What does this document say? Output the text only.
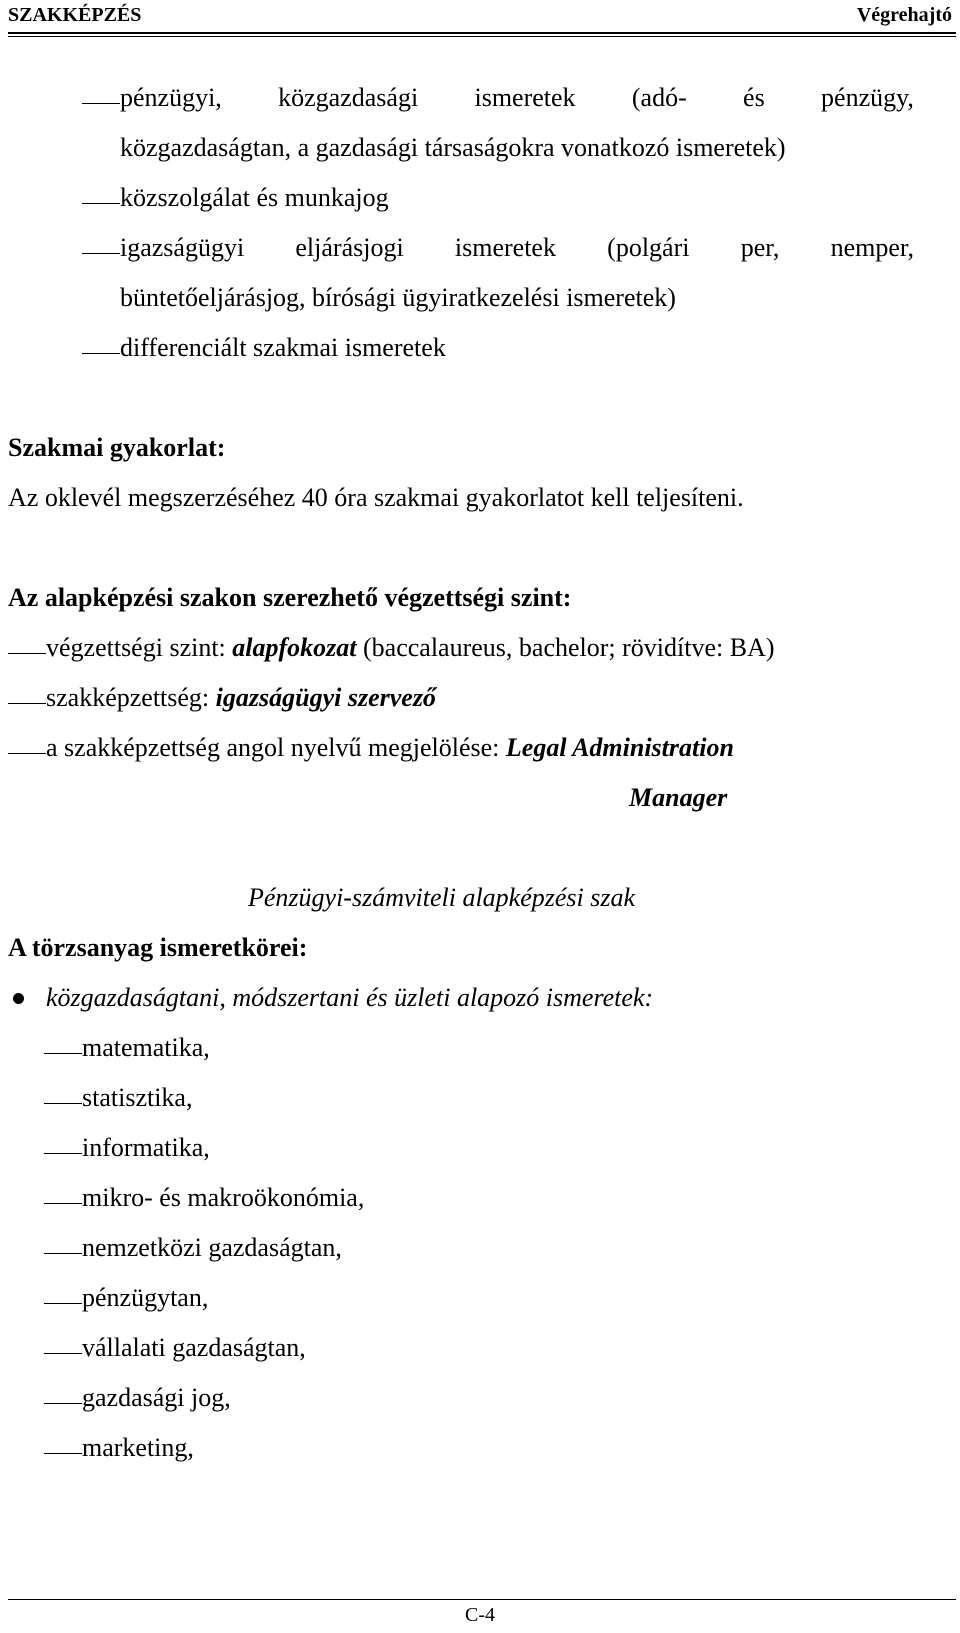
SZAKKÉPZÉS	Végrehajtó
pénzügyi, közgazdasági ismeretek (adó- és pénzügy,
közgazdaságtan, a gazdasági társaságokra vonatkozó ismeretek)
közszolgálat és munkajog
igazságügyi eljárásjogi ismeretek (polgári per, nemper,
büntetőeljárásjog, bírósági ügyiratkezelési ismeretek)
differenciált szakmai ismeretek
Szakmai gyakorlat:
Az oklevél megszerzéséhez 40 óra szakmai gyakorlatot kell teljesíteni.
Az alapképzési szakon szerezhető végzettségi szint:
végzettségi szint: alapfokozat (baccalaureus, bachelor; rövidítve: BA)
szakképzettség: igazságügyi szervező
a szakképzettség angol nyelvű megjelölése: Legal Administration
Manager
Pénzügyi-számviteli alapképzési szak
A törzsanyag ismeretkörei:
közgazdaságtani, módszertani és üzleti alapozó ismeretek:
matematika,
statisztika,
informatika,
mikro- és makroökonómia,
nemzetközi gazdaságtan,
pénzügytan,
vállalati gazdaságtan,
gazdasági jog,
marketing,
C-4
